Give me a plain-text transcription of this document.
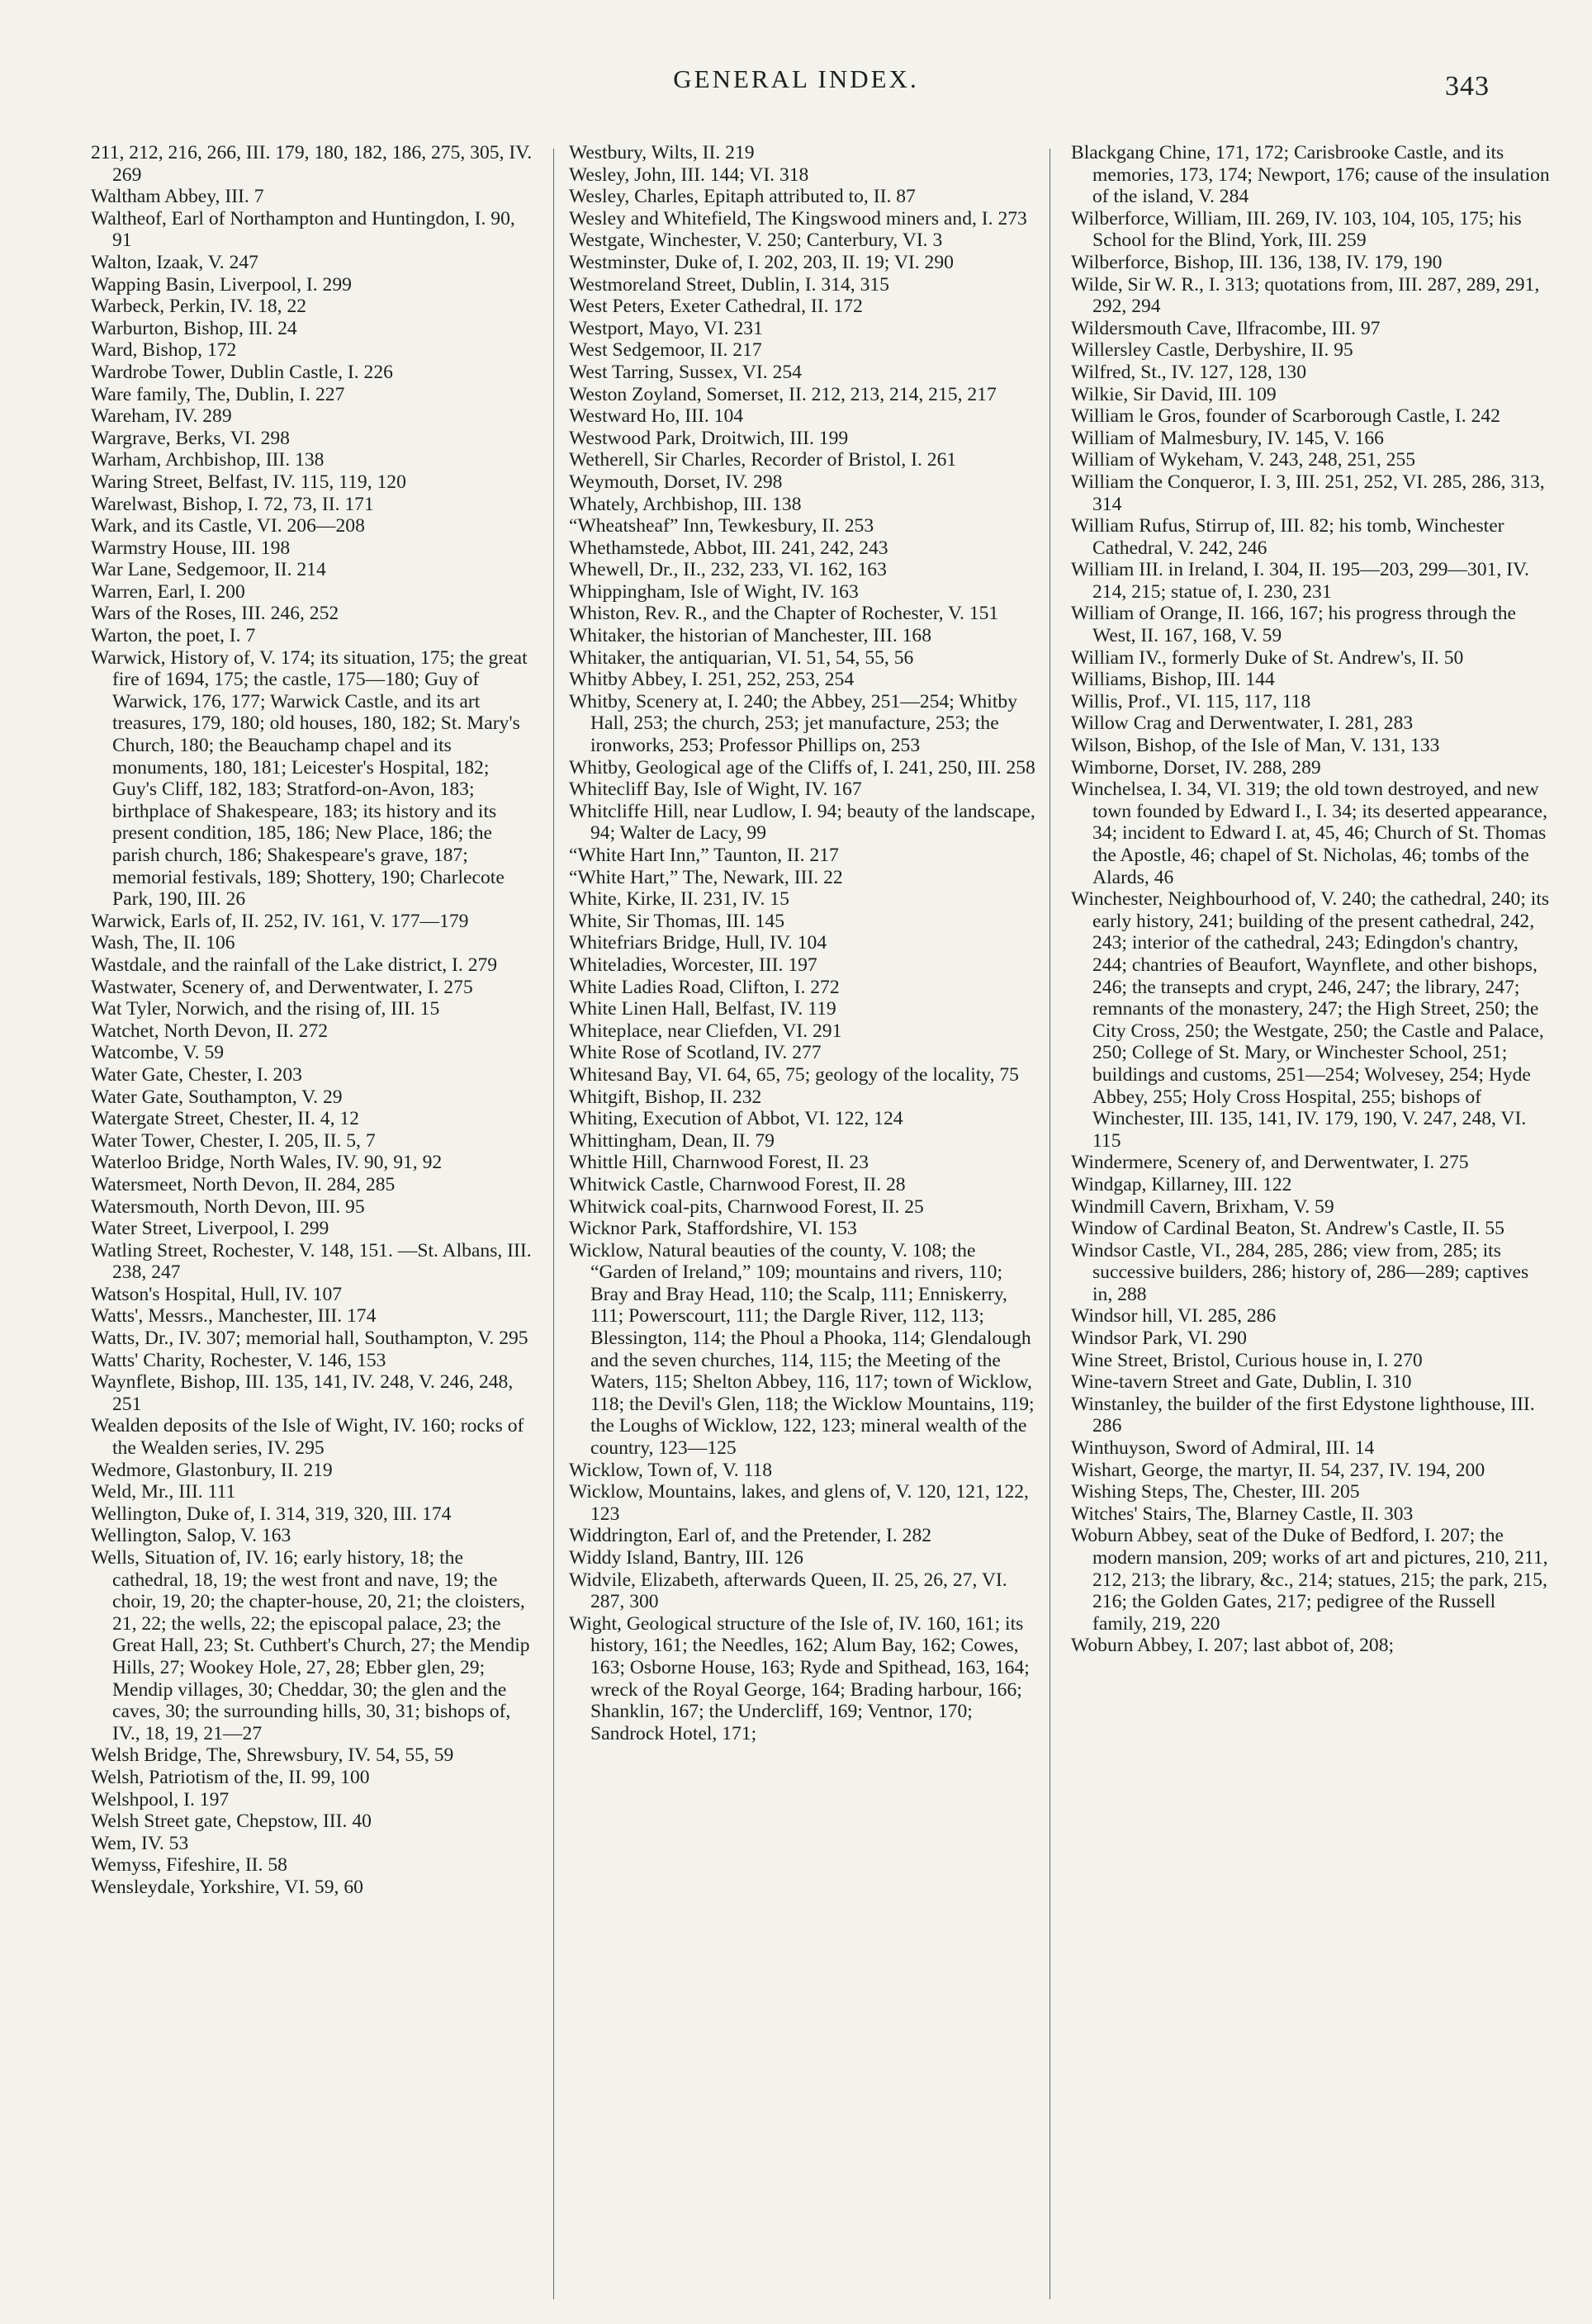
GENERAL INDEX.	343

211, 212, 216, 266, III. 179, 180, 182, 186, 275, 305, IV. 269

Waltham Abbey, III. 7

Waltheof, Earl of Northampton and Huntingdon, I. 90, 91

Walton, Izaak, V. 247

Wapping Basin, Liverpool, I. 299

Warbeck, Perkin, IV. 18, 22

Warburton, Bishop, III. 24

Ward, Bishop, 172

Wardrobe Tower, Dublin Castle, I. 226

Ware family, The, Dublin, I. 227

Wareham, IV. 289

Wargrave, Berks, VI. 298

Warham, Archbishop, III. 138

Waring Street, Belfast, IV. 115, 119, 120

Warelwast, Bishop, I. 72, 73, II. 171

Wark, and its Castle, VI. 206—208

Warmstry House, III. 198

War Lane, Sedgemoor, II. 214

Warren, Earl, I. 200

Wars of the Roses, III. 246, 252

Warton, the poet, I. 7

Warwick, History of, V. 174; its situation, 175; the great fire of 1694, 175; the castle, 175—180; Guy of Warwick, 176, 177; Warwick Castle, and its art treasures, 179, 180; old houses, 180, 182; St. Mary's Church, 180; the Beauchamp chapel and its monuments, 180, 181; Leicester's Hospital, 182; Guy's Cliff, 182, 183; Stratford-on-Avon, 183; birthplace of Shakespeare, 183; its history and its present condition, 185, 186; New Place, 186; the parish church, 186; Shakespeare's grave, 187; memorial festivals, 189; Shottery, 190; Charlecote Park, 190, III. 26

Warwick, Earls of, II. 252, IV. 161, V. 177—179

Wash, The, II. 106

Wastdale, and the rainfall of the Lake district, I. 279

Wastwater, Scenery of, and Derwentwater, I. 275

Wat Tyler, Norwich, and the rising of, III. 15

Watchet, North Devon, II. 272

Watcombe, V. 59

Water Gate, Chester, I. 203

Water Gate, Southampton, V. 29

Watergate Street, Chester, II. 4, 12

Water Tower, Chester, I. 205, II. 5, 7

Waterloo Bridge, North Wales, IV. 90, 91, 92

Watersmeet, North Devon, II. 284, 285

Watersmouth, North Devon, III. 95

Water Street, Liverpool, I. 299

Watling Street, Rochester, V. 148, 151. —St. Albans, III. 238, 247

Watson's Hospital, Hull, IV. 107

Watts', Messrs., Manchester, III. 174

Watts, Dr., IV. 307; memorial hall, Southampton, V. 295

Watts' Charity, Rochester, V. 146, 153

Waynflete, Bishop, III. 135, 141, IV. 248, V. 246, 248, 251

Wealden deposits of the Isle of Wight, IV. 160; rocks of the Wealden series, IV. 295

Wedmore, Glastonbury, II. 219

Weld, Mr., III. 111

Wellington, Duke of, I. 314, 319, 320, III. 174

Wellington, Salop, V. 163

Wells, Situation of, IV. 16; early history, 18; the cathedral, 18, 19; the west front and nave, 19; the choir, 19, 20; the chapter-house, 20, 21; the cloisters, 21, 22; the wells, 22; the episcopal palace, 23; the Great Hall, 23; St. Cuthbert's Church, 27; the Mendip Hills, 27; Wookey Hole, 27, 28; Ebber glen, 29; Mendip villages, 30; Cheddar, 30; the glen and the caves, 30; the surrounding hills, 30, 31; bishops of, IV., 18, 19, 21—27

Welsh Bridge, The, Shrewsbury, IV. 54, 55, 59

Welsh, Patriotism of the, II. 99, 100

Welshpool, I. 197

Welsh Street gate, Chepstow, III. 40

Wem, IV. 53

Wemyss, Fifeshire, II. 58

Wensleydale, Yorkshire, VI. 59, 60

Westbury, Wilts, II. 219

Wesley, John, III. 144; VI. 318

Wesley, Charles, Epitaph attributed to, II. 87

Wesley and Whitefield, The Kingswood miners and, I. 273

Westgate, Winchester, V. 250; Canterbury, VI. 3

Westminster, Duke of, I. 202, 203, II. 19; VI. 290

Westmoreland Street, Dublin, I. 314, 315

West Peters, Exeter Cathedral, II. 172

Westport, Mayo, VI. 231

West Sedgemoor, II. 217

West Tarring, Sussex, VI. 254

Weston Zoyland, Somerset, II. 212, 213, 214, 215, 217

Westward Ho, III. 104

Westwood Park, Droitwich, III. 199

Wetherell, Sir Charles, Recorder of Bristol, I. 261

Weymouth, Dorset, IV. 298

Whately, Archbishop, III. 138

“Wheatsheaf” Inn, Tewkesbury, II. 253

Whethamstede, Abbot, III. 241, 242, 243

Whewell, Dr., II., 232, 233, VI. 162, 163

Whippingham, Isle of Wight, IV. 163

Whiston, Rev. R., and the Chapter of Rochester, V. 151

Whitaker, the historian of Manchester, III. 168

Whitaker, the antiquarian, VI. 51, 54, 55, 56

Whitby Abbey, I. 251, 252, 253, 254

Whitby, Scenery at, I. 240; the Abbey, 251—254; Whitby Hall, 253; the church, 253; jet manufacture, 253; the ironworks, 253; Professor Phillips on, 253

Whitby, Geological age of the Cliffs of, I. 241, 250, III. 258

Whitecliff Bay, Isle of Wight, IV. 167

Whitcliffe Hill, near Ludlow, I. 94; beauty of the landscape, 94; Walter de Lacy, 99

“White Hart Inn,” Taunton, II. 217

“White Hart,” The, Newark, III. 22

White, Kirke, II. 231, IV. 15

White, Sir Thomas, III. 145

Whitefriars Bridge, Hull, IV. 104

Whiteladies, Worcester, III. 197

White Ladies Road, Clifton, I. 272

White Linen Hall, Belfast, IV. 119

Whiteplace, near Cliefden, VI. 291

White Rose of Scotland, IV. 277

Whitesand Bay, VI. 64, 65, 75; geology of the locality, 75

Whitgift, Bishop, II. 232

Whiting, Execution of Abbot, VI. 122, 124

Whittingham, Dean, II. 79

Whittle Hill, Charnwood Forest, II. 23

Whitwick Castle, Charnwood Forest, II. 28

Whitwick coal-pits, Charnwood Forest, II. 25

Wicknor Park, Staffordshire, VI. 153

Wicklow, Natural beauties of the county, V. 108; the “Garden of Ireland,” 109; mountains and rivers, 110; Bray and Bray Head, 110; the Scalp, 111; Enniskerry, 111; Powerscourt, 111; the Dargle River, 112, 113; Blessington, 114; the Phoul a Phooka, 114; Glendalough and the seven churches, 114, 115; the Meeting of the Waters, 115; Shelton Abbey, 116, 117; town of Wicklow, 118; the Devil's Glen, 118; the Wicklow Mountains, 119; the Loughs of Wicklow, 122, 123; mineral wealth of the country, 123—125

Wicklow, Town of, V. 118

Wicklow, Mountains, lakes, and glens of, V. 120, 121, 122, 123

Widdrington, Earl of, and the Pretender, I. 282

Widdy Island, Bantry, III. 126

Widvile, Elizabeth, afterwards Queen, II. 25, 26, 27, VI. 287, 300

Wight, Geological structure of the Isle of, IV. 160, 161; its history, 161; the Needles, 162; Alum Bay, 162; Cowes, 163; Osborne House, 163; Ryde and Spithead, 163, 164; wreck of the Royal George, 164; Brading harbour, 166; Shanklin, 167; the Undercliff, 169; Ventnor, 170; Sandrock Hotel, 171;

Blackgang Chine, 171, 172; Carisbrooke Castle, and its memories, 173, 174; Newport, 176; cause of the insulation of the island, V. 284

Wilberforce, William, III. 269, IV. 103, 104, 105, 175; his School for the Blind, York, III. 259

Wilberforce, Bishop, III. 136, 138, IV. 179, 190

Wilde, Sir W. R., I. 313; quotations from, III. 287, 289, 291, 292, 294

Wildersmouth Cave, Ilfracombe, III. 97

Willersley Castle, Derbyshire, II. 95

Wilfred, St., IV. 127, 128, 130

Wilkie, Sir David, III. 109

William le Gros, founder of Scarborough Castle, I. 242

William of Malmesbury, IV. 145, V. 166

William of Wykeham, V. 243, 248, 251, 255

William the Conqueror, I. 3, III. 251, 252, VI. 285, 286, 313, 314

William Rufus, Stirrup of, III. 82; his tomb, Winchester Cathedral, V. 242, 246

William III. in Ireland, I. 304, II. 195—203, 299—301, IV. 214, 215; statue of, I. 230, 231

William of Orange, II. 166, 167; his progress through the West, II. 167, 168, V. 59

William IV., formerly Duke of St. Andrew's, II. 50

Williams, Bishop, III. 144

Willis, Prof., VI. 115, 117, 118

Willow Crag and Derwentwater, I. 281, 283

Wilson, Bishop, of the Isle of Man, V. 131, 133

Wimborne, Dorset, IV. 288, 289

Winchelsea, I. 34, VI. 319; the old town destroyed, and new town founded by Edward I., I. 34; its deserted appearance, 34; incident to Edward I. at, 45, 46; Church of St. Thomas the Apostle, 46; chapel of St. Nicholas, 46; tombs of the Alards, 46

Winchester, Neighbourhood of, V. 240; the cathedral, 240; its early history, 241; building of the present cathedral, 242, 243; interior of the cathedral, 243; Edingdon's chantry, 244; chantries of Beaufort, Waynflete, and other bishops, 246; the transepts and crypt, 246, 247; the library, 247; remnants of the monastery, 247; the High Street, 250; the City Cross, 250; the Westgate, 250; the Castle and Palace, 250; College of St. Mary, or Winchester School, 251; buildings and customs, 251—254; Wolvesey, 254; Hyde Abbey, 255; Holy Cross Hospital, 255; bishops of Winchester, III. 135, 141, IV. 179, 190, V. 247, 248, VI. 115

Windermere, Scenery of, and Derwentwater, I. 275

Windgap, Killarney, III. 122

Windmill Cavern, Brixham, V. 59

Window of Cardinal Beaton, St. Andrew's Castle, II. 55

Windsor Castle, VI., 284, 285, 286; view from, 285; its successive builders, 286; history of, 286—289; captives in, 288

Windsor hill, VI. 285, 286

Windsor Park, VI. 290

Wine Street, Bristol, Curious house in, I. 270

Wine-tavern Street and Gate, Dublin, I. 310

Winstanley, the builder of the first Edystone lighthouse, III. 286

Winthuyson, Sword of Admiral, III. 14

Wishart, George, the martyr, II. 54, 237, IV. 194, 200

Wishing Steps, The, Chester, III. 205

Witches' Stairs, The, Blarney Castle, II. 303

Woburn Abbey, seat of the Duke of Bedford, I. 207; the modern mansion, 209; works of art and pictures, 210, 211, 212, 213; the library, &c., 214; statues, 215; the park, 215, 216; the Golden Gates, 217; pedigree of the Russell family, 219, 220

Woburn Abbey, I. 207; last abbot of, 208;
